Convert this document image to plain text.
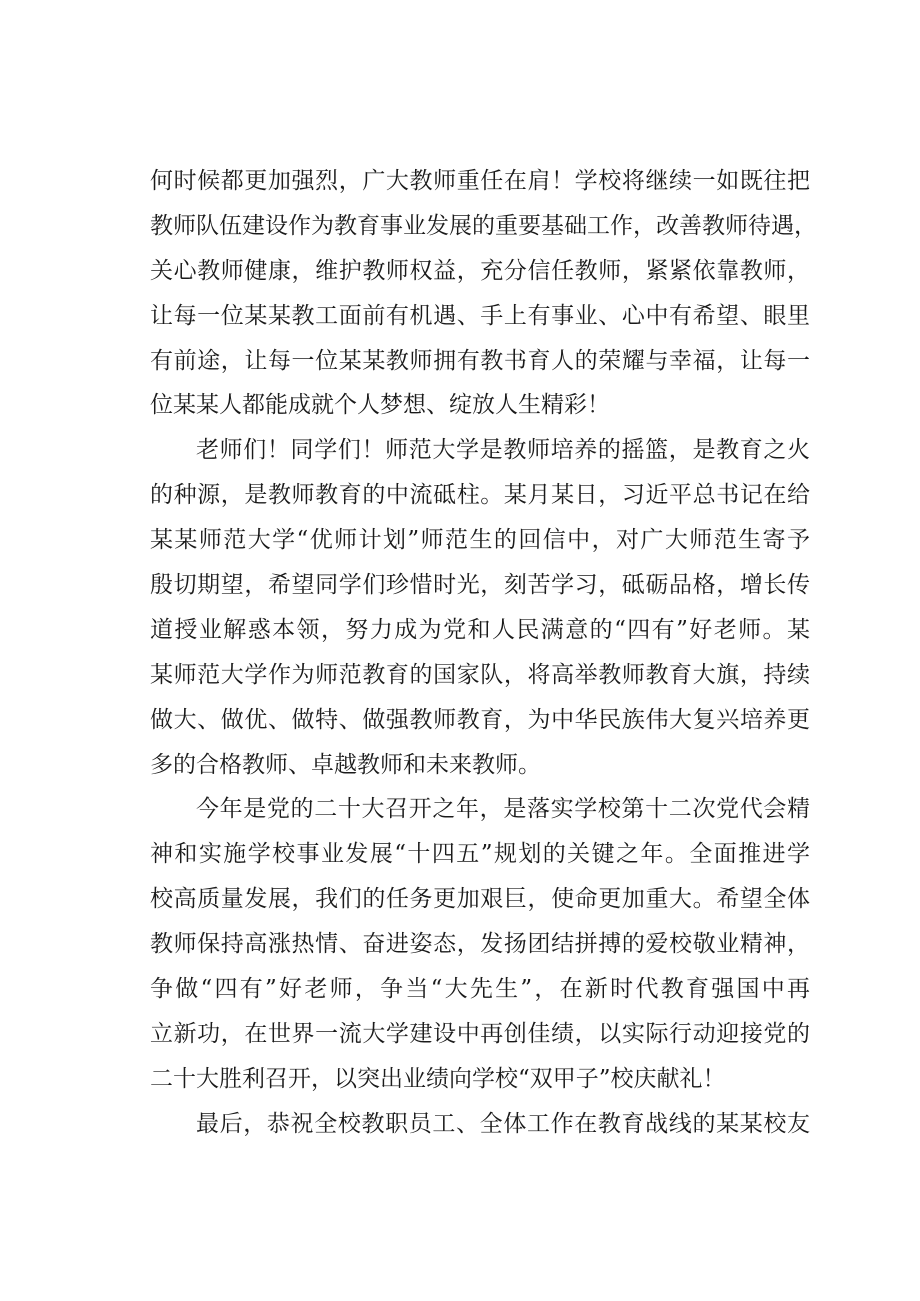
何时候都更加强烈，广大教师重任在肩！学校将继续一如既往把
教师队伍建设作为教育事业发展的重要基础工作，改善教师待遇，
关心教师健康，维护教师权益，充分信任教师，紧紧依靠教师，
让每一位某某教工面前有机遇、手上有事业、心中有希望、眼里
有前途，让每一位某某教师拥有教书育人的荣耀与幸福，让每一
位某某人都能成就个人梦想、绽放人生精彩！
老师们！同学们！师范大学是教师培养的摇篮，是教育之火
的种源，是教师教育的中流砥柱。某月某日，习近平总书记在给
某某师范大学“优师计划”师范生的回信中，对广大师范生寄予
殷切期望，希望同学们珍惜时光，刻苦学习，砥砺品格，增长传
道授业解惑本领，努力成为党和人民满意的“四有”好老师。某
某师范大学作为师范教育的国家队，将高举教师教育大旗，持续
做大、做优、做特、做强教师教育，为中华民族伟大复兴培养更
多的合格教师、卓越教师和未来教师。
今年是党的二十大召开之年，是落实学校第十二次党代会精
神和实施学校事业发展“十四五”规划的关键之年。全面推进学
校高质量发展，我们的任务更加艰巨，使命更加重大。希望全体
教师保持高涨热情、奋进姿态，发扬团结拼搏的爱校敬业精神，
争做“四有”好老师，争当“大先生”，在新时代教育强国中再
立新功，在世界一流大学建设中再创佳绩，以实际行动迎接党的
二十大胜利召开，以突出业绩向学校“双甲子”校庆献礼！
最后，恭祝全校教职员工、全体工作在教育战线的某某校友
